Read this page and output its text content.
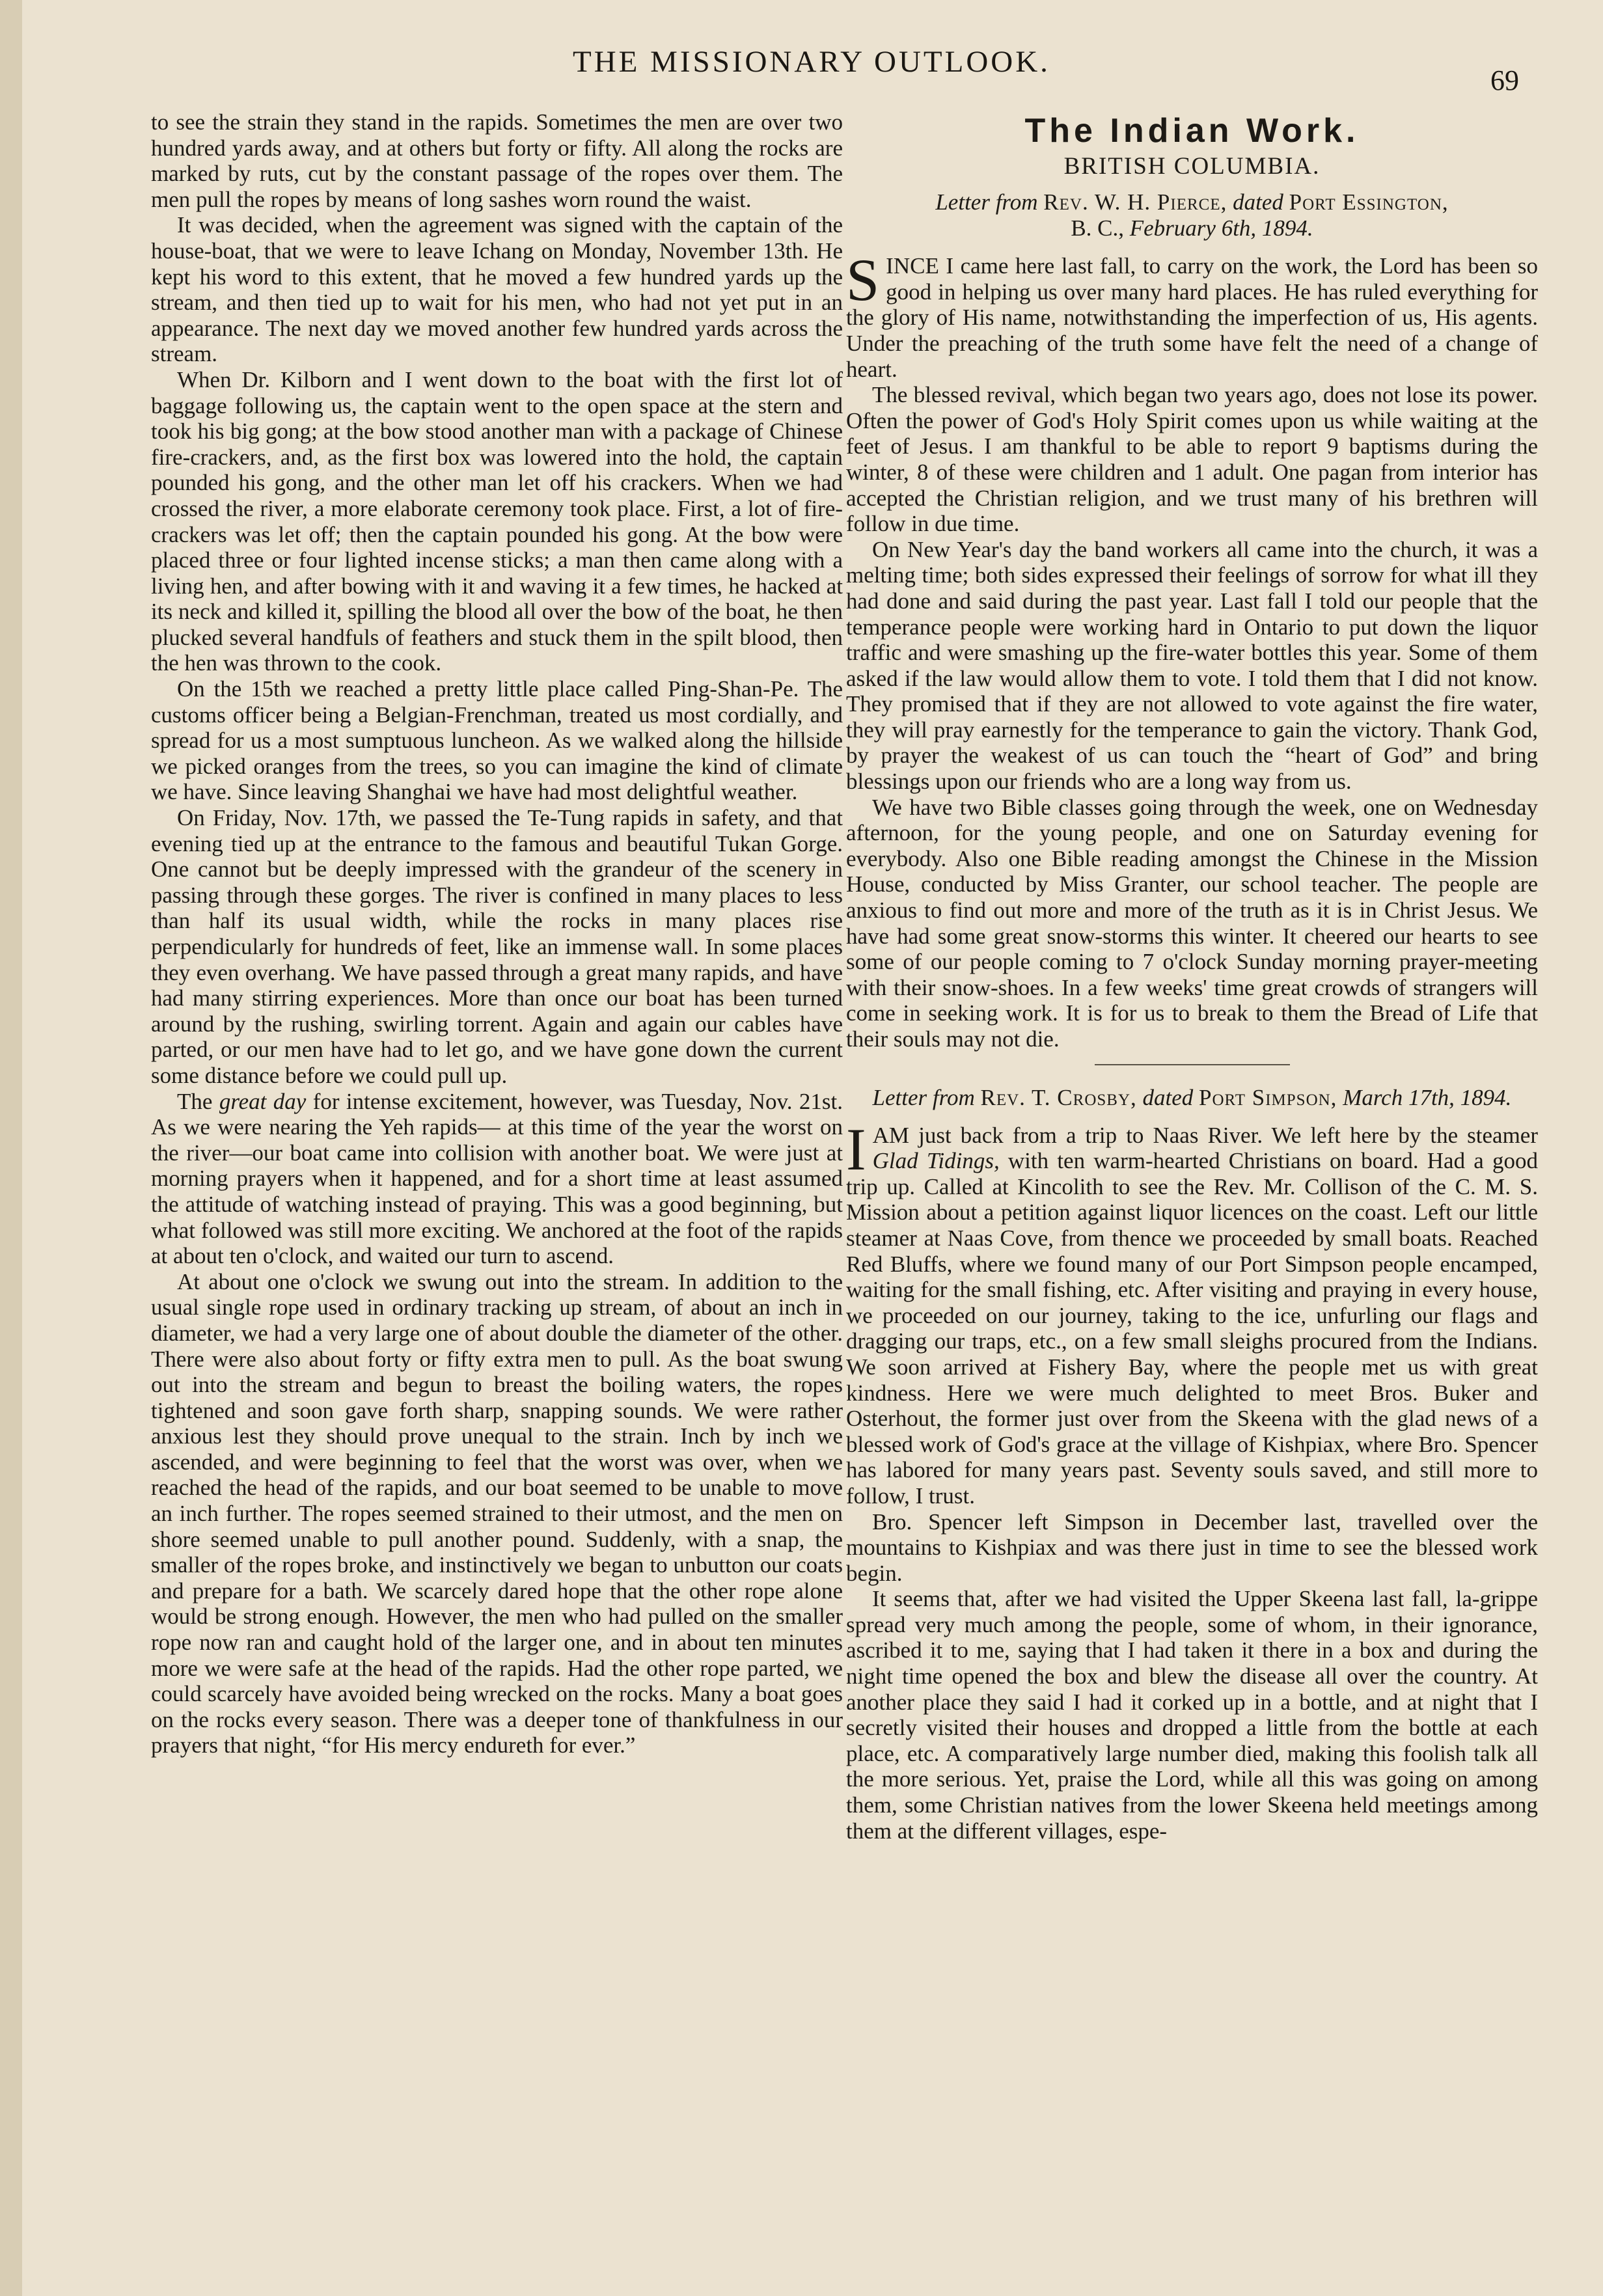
THE MISSIONARY OUTLOOK.
69

to see the strain they stand in the rapids. Sometimes the men are over two hundred yards away, and at others but forty or fifty. All along the rocks are marked by ruts, cut by the constant passage of the ropes over them. The men pull the ropes by means of long sashes worn round the waist.

It was decided, when the agreement was signed with the captain of the house-boat, that we were to leave Ichang on Monday, November 13th. He kept his word to this extent, that he moved a few hundred yards up the stream, and then tied up to wait for his men, who had not yet put in an appearance. The next day we moved another few hundred yards across the stream.

When Dr. Kilborn and I went down to the boat with the first lot of baggage following us, the captain went to the open space at the stern and took his big gong; at the bow stood another man with a package of Chinese fire-crackers, and, as the first box was lowered into the hold, the captain pounded his gong, and the other man let off his crackers. When we had crossed the river, a more elaborate ceremony took place. First, a lot of fire-crackers was let off; then the captain pounded his gong. At the bow were placed three or four lighted incense sticks; a man then came along with a living hen, and after bowing with it and waving it a few times, he hacked at its neck and killed it, spilling the blood all over the bow of the boat, he then plucked several handfuls of feathers and stuck them in the spilt blood, then the hen was thrown to the cook.

On the 15th we reached a pretty little place called Ping-Shan-Pe. The customs officer being a Belgian-Frenchman, treated us most cordially, and spread for us a most sumptuous luncheon. As we walked along the hillside we picked oranges from the trees, so you can imagine the kind of climate we have. Since leaving Shanghai we have had most delightful weather.

On Friday, Nov. 17th, we passed the Te-Tung rapids in safety, and that evening tied up at the entrance to the famous and beautiful Tukan Gorge. One cannot but be deeply impressed with the grandeur of the scenery in passing through these gorges. The river is confined in many places to less than half its usual width, while the rocks in many places rise perpendicularly for hundreds of feet, like an immense wall. In some places they even overhang. We have passed through a great many rapids, and have had many stirring experiences. More than once our boat has been turned around by the rushing, swirling torrent. Again and again our cables have parted, or our men have had to let go, and we have gone down the current some distance before we could pull up.

The great day for intense excitement, however, was Tuesday, Nov. 21st. As we were nearing the Yeh rapids— at this time of the year the worst on the river—our boat came into collision with another boat. We were just at morning prayers when it happened, and for a short time at least assumed the attitude of watching instead of praying. This was a good beginning, but what followed was still more exciting. We anchored at the foot of the rapids at about ten o'clock, and waited our turn to ascend.

At about one o'clock we swung out into the stream. In addition to the usual single rope used in ordinary tracking up stream, of about an inch in diameter, we had a very large one of about double the diameter of the other. There were also about forty or fifty extra men to pull. As the boat swung out into the stream and begun to breast the boiling waters, the ropes tightened and soon gave forth sharp, snapping sounds. We were rather anxious lest they should prove unequal to the strain. Inch by inch we ascended, and were beginning to feel that the worst was over, when we reached the head of the rapids, and our boat seemed to be unable to move an inch further. The ropes seemed strained to their utmost, and the men on shore seemed unable to pull another pound. Suddenly, with a snap, the smaller of the ropes broke, and instinctively we began to unbutton our coats and prepare for a bath. We scarcely dared hope that the other rope alone would be strong enough. However, the men who had pulled on the smaller rope now ran and caught hold of the larger one, and in about ten minutes more we were safe at the head of the rapids. Had the other rope parted, we could scarcely have avoided being wrecked on the rocks. Many a boat goes on the rocks every season. There was a deeper tone of thankfulness in our prayers that night, “for His mercy endureth for ever.”

The Indian Work.
BRITISH COLUMBIA.
Letter from Rev. W. H. Pierce, dated Port Essington,
B. C., February 6th, 1894.

SINCE I came here last fall, to carry on the work, the Lord has been so good in helping us over many hard places. He has ruled everything for the glory of His name, notwithstanding the imperfection of us, His agents. Under the preaching of the truth some have felt the need of a change of heart.

The blessed revival, which began two years ago, does not lose its power. Often the power of God's Holy Spirit comes upon us while waiting at the feet of Jesus. I am thankful to be able to report 9 baptisms during the winter, 8 of these were children and 1 adult. One pagan from interior has accepted the Christian religion, and we trust many of his brethren will follow in due time.

On New Year's day the band workers all came into the church, it was a melting time; both sides expressed their feelings of sorrow for what ill they had done and said during the past year. Last fall I told our people that the temperance people were working hard in Ontario to put down the liquor traffic and were smashing up the fire-water bottles this year. Some of them asked if the law would allow them to vote. I told them that I did not know. They promised that if they are not allowed to vote against the fire water, they will pray earnestly for the temperance to gain the victory. Thank God, by prayer the weakest of us can touch the “heart of God” and bring blessings upon our friends who are a long way from us.

We have two Bible classes going through the week, one on Wednesday afternoon, for the young people, and one on Saturday evening for everybody. Also one Bible reading amongst the Chinese in the Mission House, conducted by Miss Granter, our school teacher. The people are anxious to find out more and more of the truth as it is in Christ Jesus. We have had some great snow-storms this winter. It cheered our hearts to see some of our people coming to 7 o'clock Sunday morning prayer-meeting with their snow-shoes. In a few weeks' time great crowds of strangers will come in seeking work. It is for us to break to them the Bread of Life that their souls may not die.

Letter from Rev. T. Crosby, dated Port Simpson, March 17th, 1894.

IAM just back from a trip to Naas River. We left here by the steamer Glad Tidings, with ten warm-hearted Christians on board. Had a good trip up. Called at Kincolith to see the Rev. Mr. Collison of the C. M. S. Mission about a petition against liquor licences on the coast. Left our little steamer at Naas Cove, from thence we proceeded by small boats. Reached Red Bluffs, where we found many of our Port Simpson people encamped, waiting for the small fishing, etc. After visiting and praying in every house, we proceeded on our journey, taking to the ice, unfurling our flags and dragging our traps, etc., on a few small sleighs procured from the Indians. We soon arrived at Fishery Bay, where the people met us with great kindness. Here we were much delighted to meet Bros. Buker and Osterhout, the former just over from the Skeena with the glad news of a blessed work of God's grace at the village of Kishpiax, where Bro. Spencer has labored for many years past. Seventy souls saved, and still more to follow, I trust.

Bro. Spencer left Simpson in December last, travelled over the mountains to Kishpiax and was there just in time to see the blessed work begin.

It seems that, after we had visited the Upper Skeena last fall, la-grippe spread very much among the people, some of whom, in their ignorance, ascribed it to me, saying that I had taken it there in a box and during the night time opened the box and blew the disease all over the country. At another place they said I had it corked up in a bottle, and at night that I secretly visited their houses and dropped a little from the bottle at each place, etc. A comparatively large number died, making this foolish talk all the more serious. Yet, praise the Lord, while all this was going on among them, some Christian natives from the lower Skeena held meetings among them at the different villages, espe-
